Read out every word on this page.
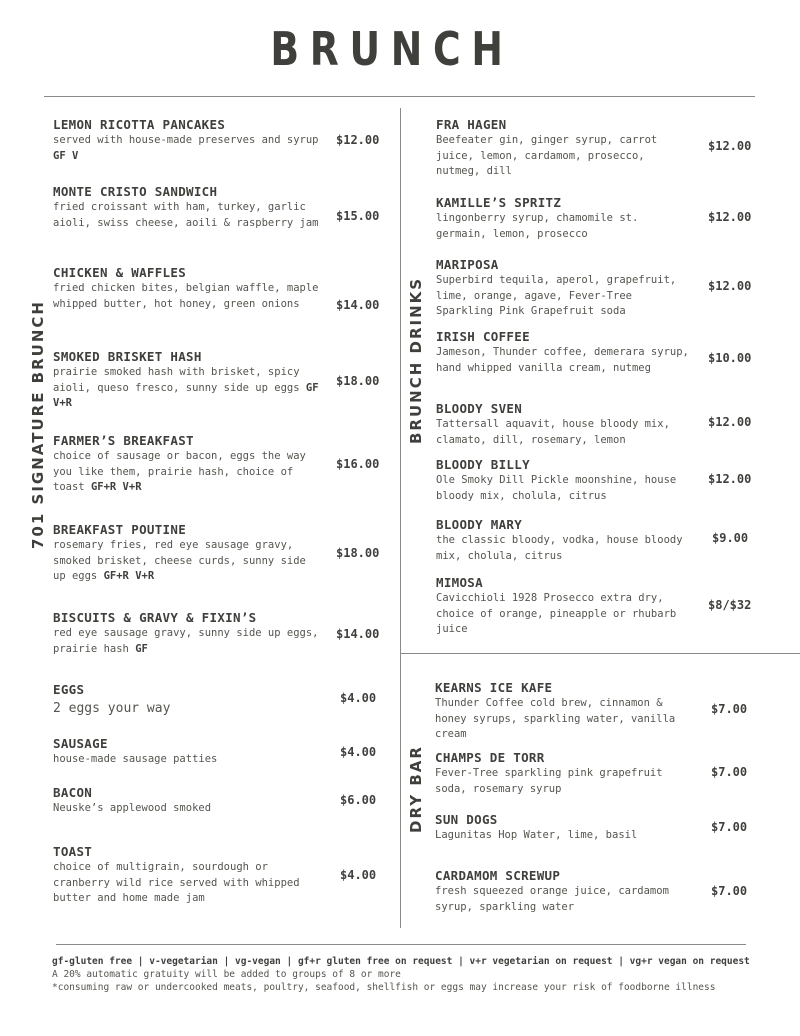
BRUNCH
701 SIGNATURE BRUNCH	BRUNCH DRINKS
DRY BAR
LEMON RICOTTA PANCAKES
served with house-made preserves and syrup GF V
$12.00
MONTE CRISTO SANDWICH
fried croissant with ham, turkey, garlic aioli, swiss cheese, aoili & raspberry jam	$15.00
CHICKEN & WAFFLES
fried chicken bites, belgian waffle, maple whipped butter, hot honey, green onions	$14.00
SMOKED BRISKET HASH
prairie smoked hash with brisket, spicy aioli, queso fresco, sunny side up eggs GF V+R
$18.00
FARMER’S BREAKFAST
choice of sausage or bacon, eggs the way you like them, prairie hash, choice of toast GF+R V+R
$16.00
BREAKFAST POUTINE
rosemary fries, red eye sausage gravy, smoked brisket, cheese curds, sunny side up eggs GF+R V+R
$18.00
BISCUITS & GRAVY & FIXIN’S
red eye sausage gravy, sunny side up eggs, prairie hash GF
$14.00
EGGS
2 eggs your way
$4.00
SAUSAGE
house-made sausage patties	$4.00
BACON
Neuske’s applewood smoked
$6.00
TOAST
choice of multigrain, sourdough or cranberry wild rice served with whipped butter and home made jam
$4.00
FRA HAGEN
Beefeater gin, ginger syrup, carrot juice, lemon, cardamom, prosecco, nutmeg, dill
$12.00
KAMILLE’S SPRITZ
lingonberry syrup, chamomile st. germain, lemon, prosecco
$12.00
MARIPOSA
Superbird tequila, aperol, grapefruit, lime, orange, agave, Fever-Tree Sparkling Pink Grapefruit soda
$12.00
IRISH COFFEE
Jameson, Thunder coffee, demerara syrup, hand whipped vanilla cream, nutmeg
$10.00
BLOODY SVEN
Tattersall aquavit, house bloody mix, clamato, dill, rosemary, lemon
$12.00
BLOODY BILLY
Ole Smoky Dill Pickle moonshine, house bloody mix, cholula, citrus
$12.00
BLOODY MARY
the classic bloody, vodka, house bloody mix, cholula, citrus
$9.00
MIMOSA
Cavicchioli 1928 Prosecco extra dry, choice of orange, pineapple or rhubarb juice
$8/$32
KEARNS ICE KAFE
Thunder Coffee cold brew, cinnamon & honey syrups, sparkling water, vanilla cream
$7.00
CHAMPS DE TORR
Fever-Tree sparkling pink grapefruit soda, rosemary syrup
$7.00
SUN DOGS
Lagunitas Hop Water, lime, basil
$7.00
CARDAMOM SCREWUP
fresh squeezed orange juice, cardamom syrup, sparkling water
$7.00
gf-gluten free | v-vegetarian | vg-vegan | gf+r gluten free on request | v+r vegetarian on request | vg+r vegan on request
A 20% automatic gratuity will be added to groups of 8 or more
*consuming raw or undercooked meats, poultry, seafood, shellfish or eggs may increase your risk of foodborne illness
